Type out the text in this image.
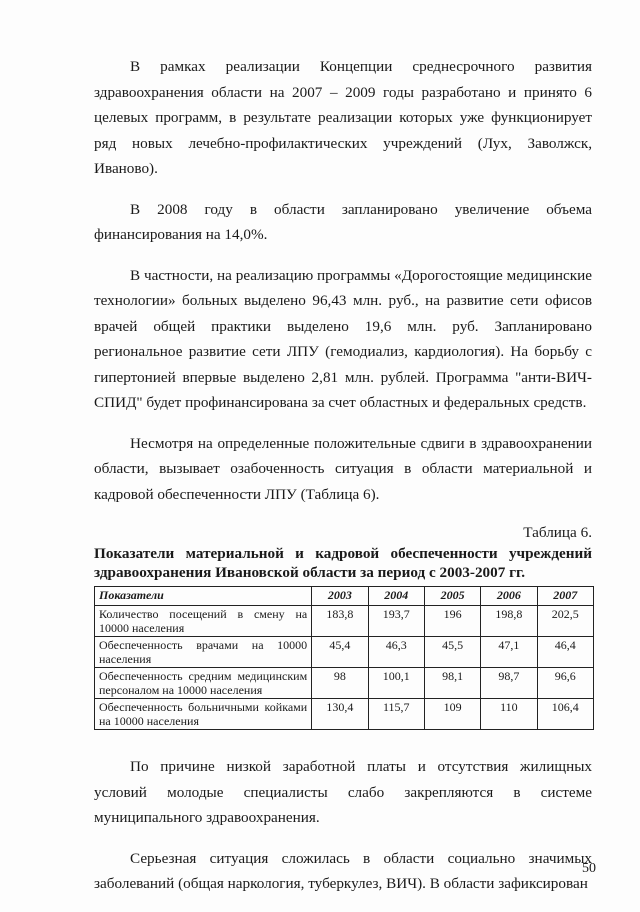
В рамках реализации Концепции среднесрочного развития здравоохранения области на 2007 – 2009 годы разработано и принято 6 целевых программ, в результате реализации которых уже функционирует ряд новых лечебно-профилактических учреждений (Лух, Заволжск, Иваново).

В 2008 году в области запланировано увеличение объема финансирования на 14,0%.

В частности, на реализацию программы «Дорогостоящие медицинские технологии» больных выделено 96,43 млн. руб., на развитие сети офисов врачей общей практики выделено 19,6 млн. руб. Запланировано региональное развитие сети ЛПУ (гемодиализ, кардиология). На борьбу с гипертонией впервые выделено 2,81 млн. рублей. Программа "анти-ВИЧ-СПИД" будет профинансирована за счет областных и федеральных средств.

Несмотря на определенные положительные сдвиги в здравоохранении области, вызывает озабоченность ситуация в области материальной и кадровой обеспеченности ЛПУ (Таблица 6).

Таблица 6.
Показатели материальной и кадровой обеспеченности учреждений здравоохранения Ивановской области за период с 2003-2007 гг.
Показатели	2003	2004	2005	2006	2007
Количество посещений в смену на 10000 населения	183,8	193,7	196	198,8	202,5
Обеспеченность врачами на 10000 населения	45,4	46,3	45,5	47,1	46,4
Обеспеченность средним медицинским персоналом на 10000 населения	98	100,1	98,1	98,7	96,6
Обеспеченность больничными койками на 10000 населения	130,4	115,7	109	110	106,4

По причине низкой заработной платы и отсутствия жилищных условий молодые специалисты слабо закрепляются в системе муниципального здравоохранения.

Серьезная ситуация сложилась в области социально значимых заболеваний (общая наркология, туберкулез, ВИЧ). В области зафиксирован

50
